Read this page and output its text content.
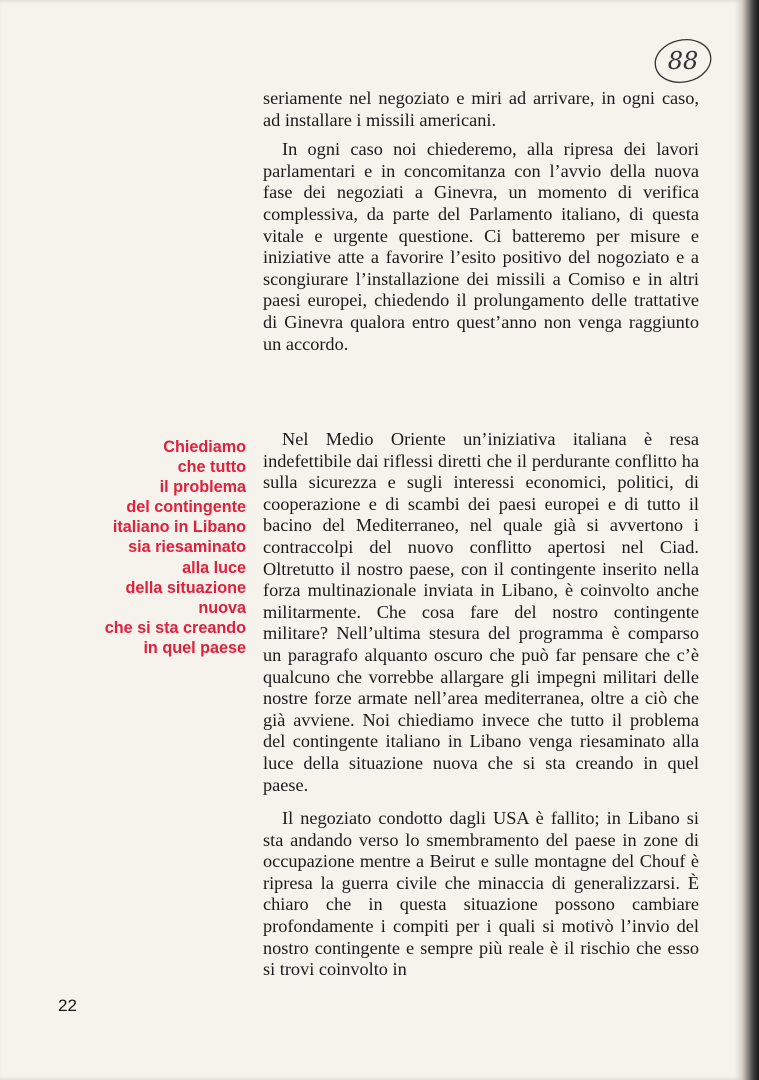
88

seriamente nel negoziato e miri ad arrivare, in ogni caso, ad installare i missili americani.

In ogni caso noi chiederemo, alla ripresa dei lavori parlamentari e in concomitanza con l’avvio della nuova fase dei negoziati a Ginevra, un momento di verifica complessiva, da parte del Parlamento italiano, di questa vitale e urgente questione. Ci batteremo per misure e iniziative atte a favorire l’esito positivo del nogoziato e a scongiurare l’installazione dei missili a Comiso e in altri paesi europei, chiedendo il prolungamento delle trattative di Ginevra qualora entro quest’anno non venga raggiunto un accordo.

Chiediamo
che tutto
il problema
del contingente
italiano in Libano
sia riesaminato
alla luce
della situazione
nuova
che si sta creando
in quel paese

Nel Medio Oriente un’iniziativa italiana è resa indefettibile dai riflessi diretti che il perdurante conflitto ha sulla sicurezza e sugli interessi economici, politici, di cooperazione e di scambi dei paesi europei e di tutto il bacino del Mediterraneo, nel quale già si avvertono i contraccolpi del nuovo conflitto apertosi nel Ciad. Oltretutto il nostro paese, con il contingente inserito nella forza multinazionale inviata in Libano, è coinvolto anche militarmente. Che cosa fare del nostro contingente militare? Nell’ultima stesura del programma è comparso un paragrafo alquanto oscuro che può far pensare che c’è qualcuno che vorrebbe allargare gli impegni militari delle nostre forze armate nell’area mediterranea, oltre a ciò che già avviene. Noi chiediamo invece che tutto il problema del contingente italiano in Libano venga riesaminato alla luce della situazione nuova che si sta creando in quel paese.

Il negoziato condotto dagli USA è fallito; in Libano si sta andando verso lo smembramento del paese in zone di occupazione mentre a Beirut e sulle montagne del Chouf è ripresa la guerra civile che minaccia di generalizzarsi. È chiaro che in questa situazione possono cambiare profondamente i compiti per i quali si motivò l’invio del nostro contingente e sempre più reale è il rischio che esso si trovi coinvolto in

22
